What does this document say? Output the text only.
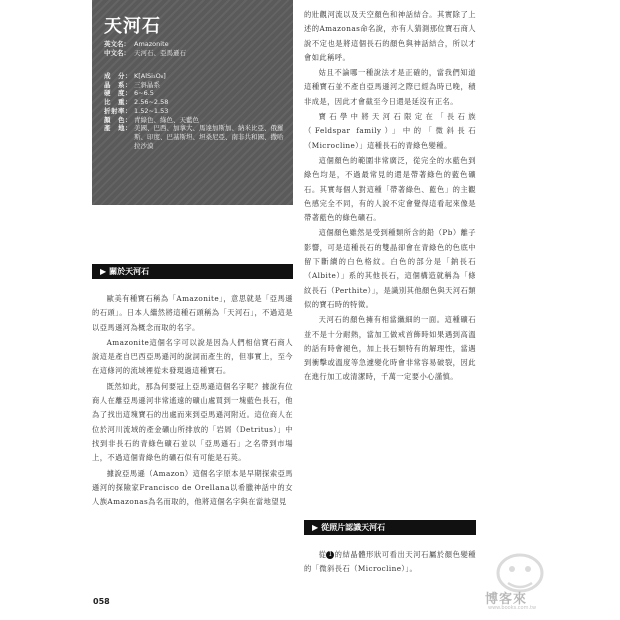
天河石
英文名： Amazonite
中文名： 天河石、亞馬遜石
成　分： K[AlSi₃O₈]
晶　系： 三斜晶系
硬　度： 6~6.5
比　重： 2.56~2.58
折射率： 1.52~1.53
顏　色： 青綠色、綠色、天藍色
產　地： 美國、巴西、加拿大、馬達加斯加、納米比亞、俄羅斯、印度、巴基斯坦、坦桑尼亞、南非共和國、撒哈拉沙漠
▶ 關於天河石

歐美有種寶石稱為「Amazonite」，意思就是「亞馬遜的石頭」。日本人繼然將這種石頭稱為「天河石」，不過這是以亞馬遜河為概念而取的名字。

Amazonite這個名字可以說是因為人們相信寶石商人說這是產自巴西亞馬遜河的說詞而產生的，但事實上，至今在這條河的流域裡從未發現過這種寶石。

既然如此，那為何要冠上亞馬遜這個名字呢？據說有位商人在離亞馬遜河非常遙遠的礦山處買到一塊藍色長石，他為了找出這塊寶石的出處而來到亞馬遜河附近。這位商人在位於河川流域的產金礦山所排放的「岩屑（Detritus）」中找到非長石的青綠色礦石並以「亞馬遜石」之名帶到市場上，不過這個青綠色的礦石似有可能是石英。

據說亞馬遜（Amazon）這個名字原本是早期探索亞馬遜河的探險家Francisco de Orellana以希臘神話中的女人族Amazonas為名而取的，他將這個名字與在當地望見

的壯觀河流以及天空顏色和神話結合。其實除了上述的Amazonas命名說，亦有人猜測那位寶石商人說不定也是將這個長石的顏色與神話結合，所以才會如此稱呼。

姑且不論哪一種說法才是正確的，當我們知道這種寶石並不產自亞馬遜河之際已經為時已晚，積非成是，因此才會截至今日還是延沒有正名。

寶石學中將天河石限定在「長石族（Feldspar family）」中的「微斜長石（Microcline）」這種長石的青綠色變種。

這個顏色的範圍非常廣泛，從完全的水藍色到綠色均是，不過最常見的還是帶著綠色的藍色礦石。其實每個人對這種「帶著綠色、藍色」的主觀色感完全不同，有的人說不定會覺得這看起來像是帶著藍色的綠色礦石。

這個顏色雖然是受到種類所含的鉛（Pb）離子影響，可是這種長石的雙晶卻會在青綠色的色底中留下斷續的白色格紋。白色的部分是「鈉長石（Albite）」系的其他長石，這個構造就稱為「條紋長石（Perthite）」，是識別其他顏色與天河石類似的寶石時的特徵。

天河石的顏色擁有相當纖細的一面。這種礦石並不是十分耐熱，當加工做戒首飾時如果遇到高溫的話有時會褪色，加上長石類特有的解理性，當遇到衝擊或溫度等急遽變化時會非常容易破裂，因此在進行加工或清潔時，千萬一定要小心謹慎。

▶ 從照片認識天河石

從 1 的結晶體形狀可看出天河石屬於顏色變種的「微斜長石（Microcline）」。

058	博客來
www.books.com.tw
